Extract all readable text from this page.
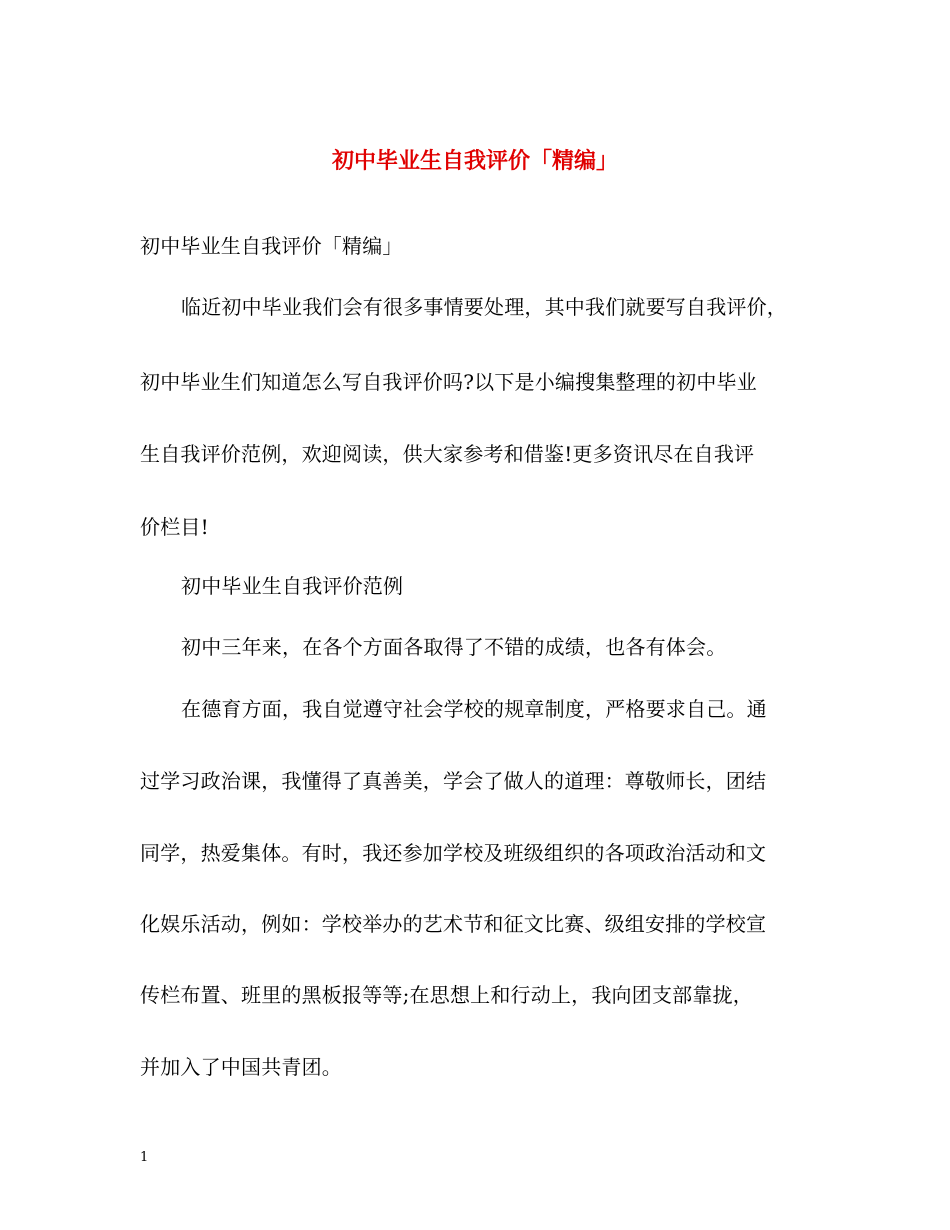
初中毕业生自我评价「精编」
初中毕业生自我评价「精编」
临近初中毕业我们会有很多事情要处理，其中我们就要写自我评价，
初中毕业生们知道怎么写自我评价吗?以下是小编搜集整理的初中毕业
生自我评价范例，欢迎阅读，供大家参考和借鉴!更多资讯尽在自我评
价栏目!
初中毕业生自我评价范例
初中三年来，在各个方面各取得了不错的成绩，也各有体会。
在德育方面，我自觉遵守社会学校的规章制度，严格要求自己。通
过学习政治课，我懂得了真善美，学会了做人的道理：尊敬师长，团结
同学，热爱集体。有时，我还参加学校及班级组织的各项政治活动和文
化娱乐活动，例如：学校举办的艺术节和征文比赛、级组安排的学校宣
传栏布置、班里的黑板报等等;在思想上和行动上，我向团支部靠拢，
并加入了中国共青团。
1
